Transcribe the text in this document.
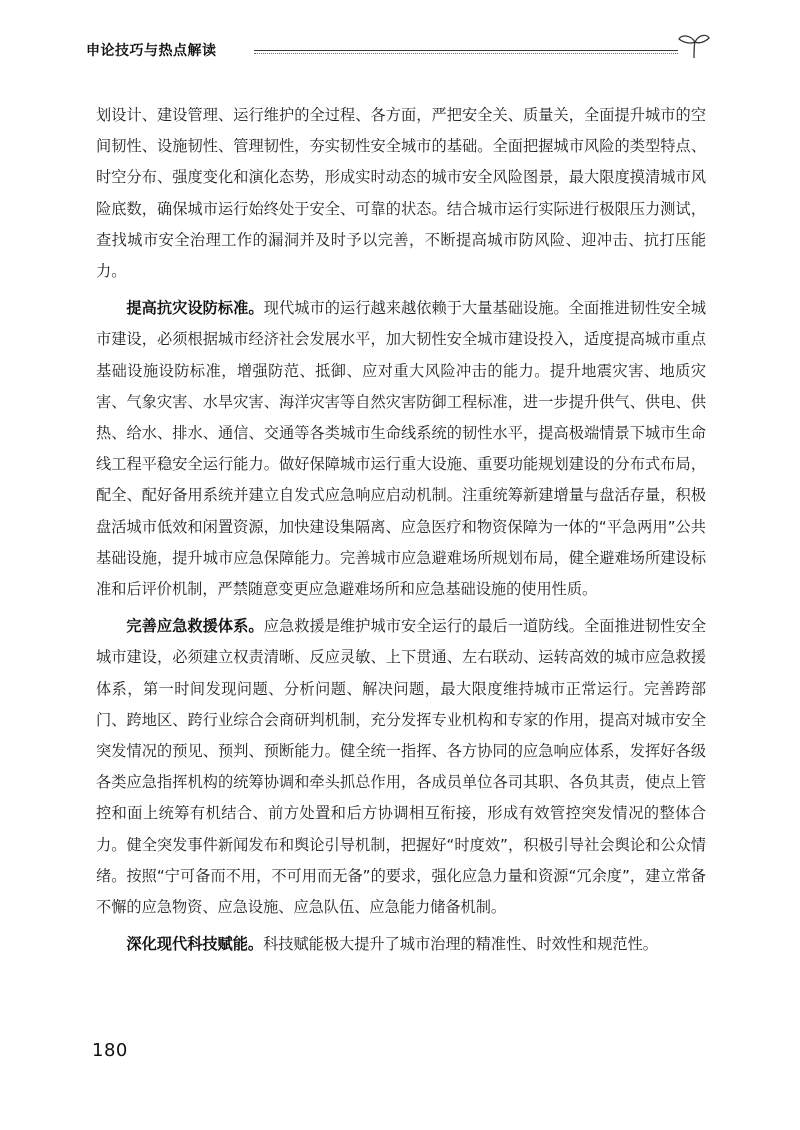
申论技巧与热点解读

划设计、建设管理、运行维护的全过程、各方面，严把安全关、质量关，全面提升城市的空间韧性、设施韧性、管理韧性，夯实韧性安全城市的基础。全面把握城市风险的类型特点、时空分布、强度变化和演化态势，形成实时动态的城市安全风险图景，最大限度摸清城市风险底数，确保城市运行始终处于安全、可靠的状态。结合城市运行实际进行极限压力测试，查找城市安全治理工作的漏洞并及时予以完善，不断提高城市防风险、迎冲击、抗打压能力。

提高抗灾设防标准。现代城市的运行越来越依赖于大量基础设施。全面推进韧性安全城市建设，必须根据城市经济社会发展水平，加大韧性安全城市建设投入，适度提高城市重点基础设施设防标准，增强防范、抵御、应对重大风险冲击的能力。提升地震灾害、地质灾害、气象灾害、水旱灾害、海洋灾害等自然灾害防御工程标准，进一步提升供气、供电、供热、给水、排水、通信、交通等各类城市生命线系统的韧性水平，提高极端情景下城市生命线工程平稳安全运行能力。做好保障城市运行重大设施、重要功能规划建设的分布式布局，配全、配好备用系统并建立自发式应急响应启动机制。注重统筹新建增量与盘活存量，积极盘活城市低效和闲置资源，加快建设集隔离、应急医疗和物资保障为一体的“平急两用”公共基础设施，提升城市应急保障能力。完善城市应急避难场所规划布局，健全避难场所建设标准和后评价机制，严禁随意变更应急避难场所和应急基础设施的使用性质。

完善应急救援体系。应急救援是维护城市安全运行的最后一道防线。全面推进韧性安全城市建设，必须建立权责清晰、反应灵敏、上下贯通、左右联动、运转高效的城市应急救援体系，第一时间发现问题、分析问题、解决问题，最大限度维持城市正常运行。完善跨部门、跨地区、跨行业综合会商研判机制，充分发挥专业机构和专家的作用，提高对城市安全突发情况的预见、预判、预断能力。健全统一指挥、各方协同的应急响应体系，发挥好各级各类应急指挥机构的统筹协调和牵头抓总作用，各成员单位各司其职、各负其责，使点上管控和面上统筹有机结合、前方处置和后方协调相互衔接，形成有效管控突发情况的整体合力。健全突发事件新闻发布和舆论引导机制，把握好“时度效”，积极引导社会舆论和公众情绪。按照“宁可备而不用，不可用而无备”的要求，强化应急力量和资源“冗余度”，建立常备不懈的应急物资、应急设施、应急队伍、应急能力储备机制。

深化现代科技赋能。科技赋能极大提升了城市治理的精准性、时效性和规范性。

180
